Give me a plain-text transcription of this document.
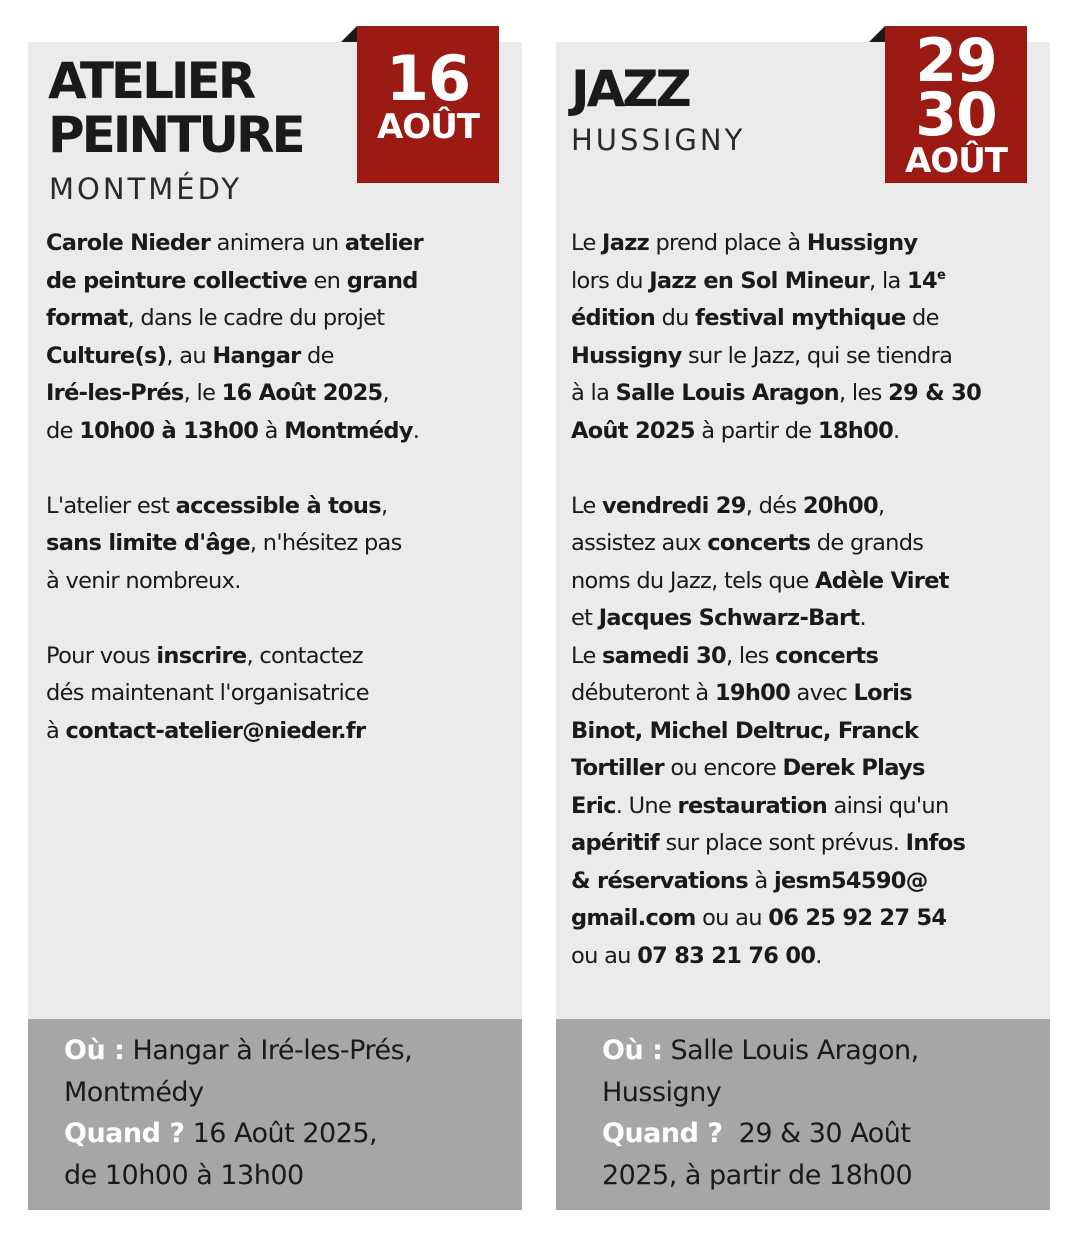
16
AOÛT
ATELIER
PEINTURE
MONTMÉDY

Carole Nieder animera un atelier
de peinture collective en grand
format, dans le cadre du projet
Culture(s), au Hangar de
Iré-les-Prés, le 16 Août 2025,
de 10h00 à 13h00 à Montmédy.

L'atelier est accessible à tous,
sans limite d'âge, n'hésitez pas
à venir nombreux.

Pour vous inscrire, contactez
dés maintenant l'organisatrice
à contact-atelier@nieder.fr

Où : Hangar à Iré-les-Prés,
Montmédy
Quand ? 16 Août 2025,
de 10h00 à 13h00
29
30
AOÛT
JAZZ
HUSSIGNY

Le Jazz prend place à Hussigny
lors du Jazz en Sol Mineur, la 14e
édition du festival mythique de
Hussigny sur le Jazz, qui se tiendra
à la Salle Louis Aragon, les 29 & 30
Août 2025 à partir de 18h00.

Le vendredi 29, dés 20h00,
assistez aux concerts de grands
noms du Jazz, tels que Adèle Viret
et Jacques Schwarz-Bart.
Le samedi 30, les concerts
débuteront à 19h00 avec Loris
Binot, Michel Deltruc, Franck
Tortiller ou encore Derek Plays
Eric. Une restauration ainsi qu'un
apéritif sur place sont prévus. Infos
& réservations à jesm54590@
gmail.com ou au 06 25 92 27 54
ou au 07 83 21 76 00.

Où : Salle Louis Aragon,
Hussigny
Quand ?  29 & 30 Août
2025, à partir de 18h00
